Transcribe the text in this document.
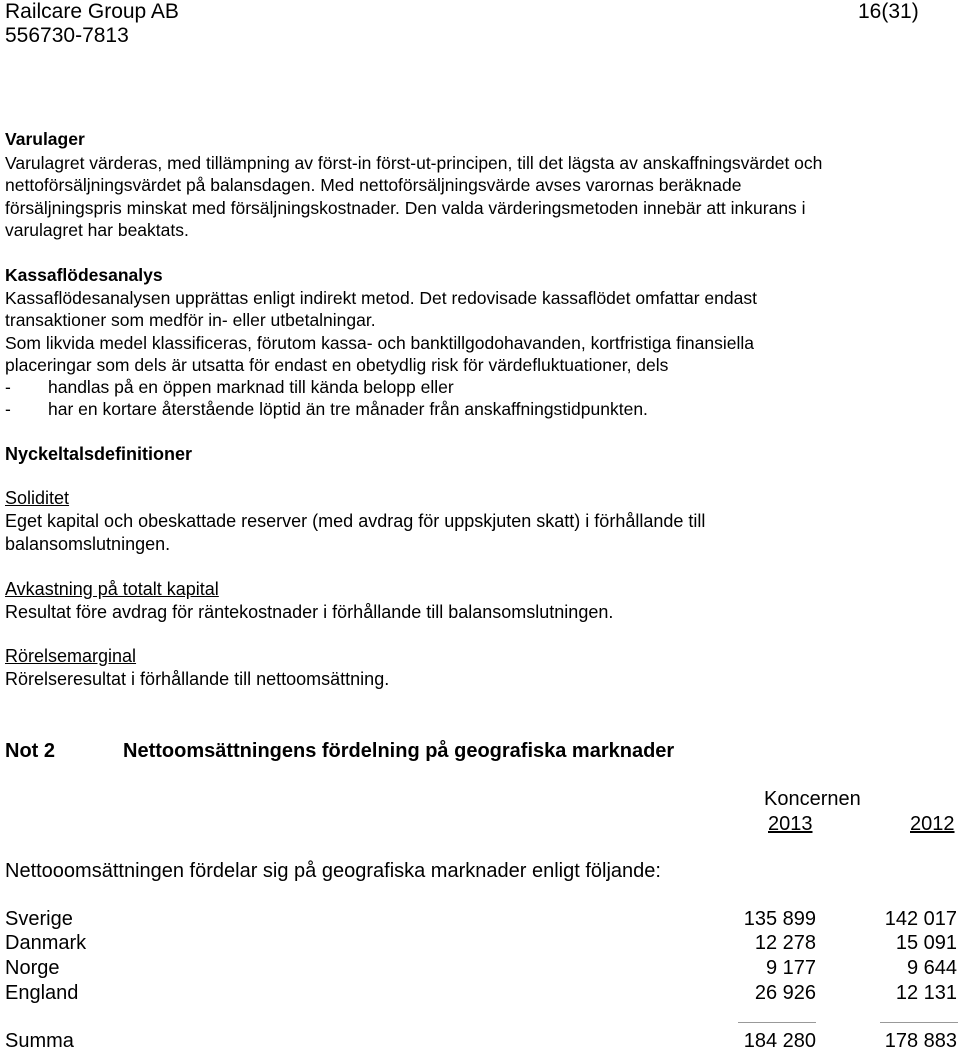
Railcare Group AB
556730-7813
16(31)
Varulager
Varulagret värderas, med tillämpning av först-in först-ut-principen, till det lägsta av anskaffningsvärdet och
nettoförsäljningsvärdet på balansdagen. Med nettoförsäljningsvärde avses varornas beräknade
försäljningspris minskat med försäljningskostnader. Den valda värderingsmetoden innebär att inkurans i
varulagret har beaktats.
Kassaflödesanalys
Kassaflödesanalysen upprättas enligt indirekt metod. Det redovisade kassaflödet omfattar endast
transaktioner som medför in- eller utbetalningar.
Som likvida medel klassificeras, förutom kassa- och banktillgodohavanden, kortfristiga finansiella
placeringar som dels är utsatta för endast en obetydlig risk för värdefluktuationer, dels
- handlas på en öppen marknad till kända belopp eller
- har en kortare återstående löptid än tre månader från anskaffningstidpunkten.
Nyckeltalsdefinitioner
Soliditet
Eget kapital och obeskattade reserver (med avdrag för uppskjuten skatt) i förhållande till
balansomslutningen.
Avkastning på totalt kapital
Resultat före avdrag för räntekostnader i förhållande till balansomslutningen.
Rörelsemarginal
Rörelseresultat i förhållande till nettoomsättning.
Not 2	Nettoomsättningens fördelning på geografiska marknader
Koncernen
2013	2012
Nettooomsättningen fördelar sig på geografiska marknader enligt följande:
Sverige	135 899	142 017
Danmark	12 278	15 091
Norge	9 177	9 644
England	26 926	12 131
Summa	184 280	178 883
